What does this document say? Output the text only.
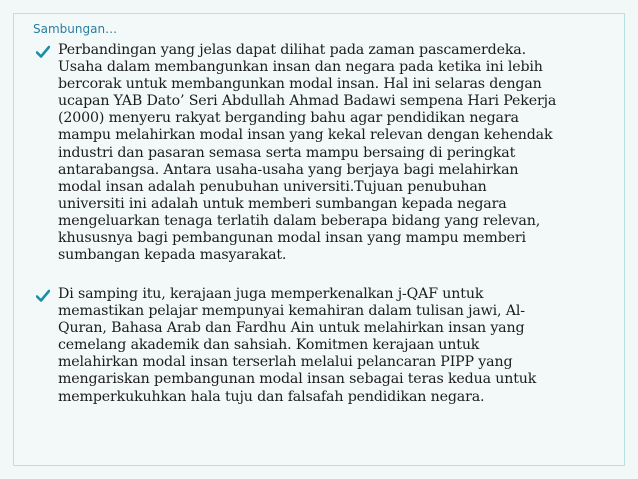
Sambungan…
Perbandingan yang jelas dapat dilihat pada zaman pascamerdeka.
Usaha dalam membangunkan insan dan negara pada ketika ini lebih
bercorak untuk membangunkan modal insan. Hal ini selaras dengan
ucapan YAB Dato’ Seri Abdullah Ahmad Badawi sempena Hari Pekerja
(2000) menyeru rakyat berganding bahu agar pendidikan negara
mampu melahirkan modal insan yang kekal relevan dengan kehendak
industri dan pasaran semasa serta mampu bersaing di peringkat
antarabangsa. Antara usaha-usaha yang berjaya bagi melahirkan
modal insan adalah penubuhan universiti.Tujuan penubuhan
universiti ini adalah untuk memberi sumbangan kepada negara
mengeluarkan tenaga terlatih dalam beberapa bidang yang relevan,
khususnya bagi pembangunan modal insan yang mampu memberi
sumbangan kepada masyarakat.
Di samping itu, kerajaan juga memperkenalkan j-QAF untuk
memastikan pelajar mempunyai kemahiran dalam tulisan jawi, Al-
Quran, Bahasa Arab dan Fardhu Ain untuk melahirkan insan yang
cemelang akademik dan sahsiah. Komitmen kerajaan untuk
melahirkan modal insan terserlah melalui pelancaran PIPP yang
mengariskan pembangunan modal insan sebagai teras kedua untuk
memperkukuhkan hala tuju dan falsafah pendidikan negara.
